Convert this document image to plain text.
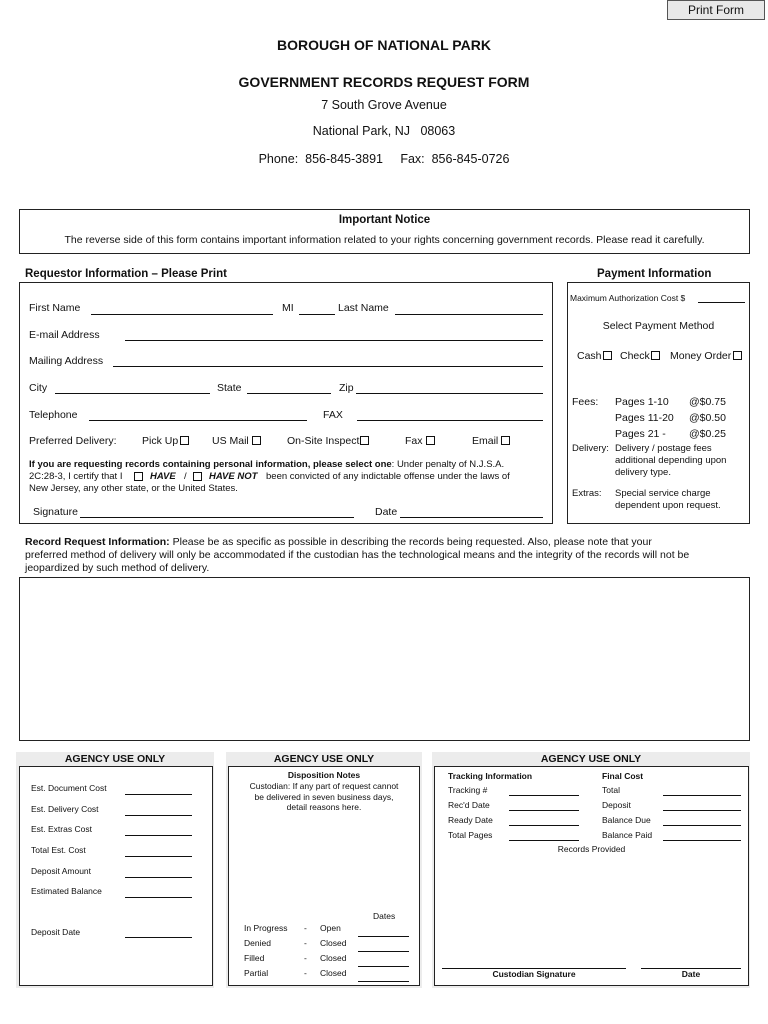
Print Form
BOROUGH OF NATIONAL PARK
GOVERNMENT RECORDS REQUEST FORM
7 South Grove Avenue
National Park, NJ   08063
Phone:  856-845-3891     Fax:  856-845-0726
Important Notice
The reverse side of this form contains important information related to your rights concerning government records. Please read it carefully.
Requestor Information – Please Print
First Name	MI	Last Name
E-mail Address
Mailing Address
City	State	Zip
Telephone	FAX
Preferred Delivery: Pick Up	US Mail	On-Site Inspect	Fax	Email
If you are requesting records containing personal information, please select one: Under penalty of N.J.S.A.
2C:28-3, I certify that I	HAVE / HAVE NOT been convicted of any indictable offense under the laws of
New Jersey, any other state, or the United States.
Signature	Date
Payment Information
Maximum Authorization Cost $
Select Payment Method
Cash Check Money Order
Fees: Pages 1-10 @$0.75
Pages 11-20 @$0.50
Pages 21 - @$0.25
Delivery: Delivery / postage fees
additional depending upon
delivery type.
Extras: Special service charge
dependent upon request.
Record Request Information: Please be as specific as possible in describing the records being requested. Also, please note that your
preferred method of delivery will only be accommodated if the custodian has the technological means and the integrity of the records will not be
jeopardized by such method of delivery.
AGENCY USE ONLY
Est. Document Cost
Est. Delivery Cost
Est. Extras Cost
Total Est. Cost
Deposit Amount
Estimated Balance
Deposit Date
AGENCY USE ONLY
Disposition Notes
Custodian: If any part of request cannot
be delivered in seven business days,
detail reasons here.
Dates
In Progress - Open
Denied	- Closed
Filled	- Closed
Partial	- Closed
AGENCY USE ONLY
Tracking Information
Tracking #
Rec'd Date
Ready Date
Total Pages
Final Cost
Total
Deposit
Balance Due
Balance Paid
Records Provided
Custodian Signature	Date
